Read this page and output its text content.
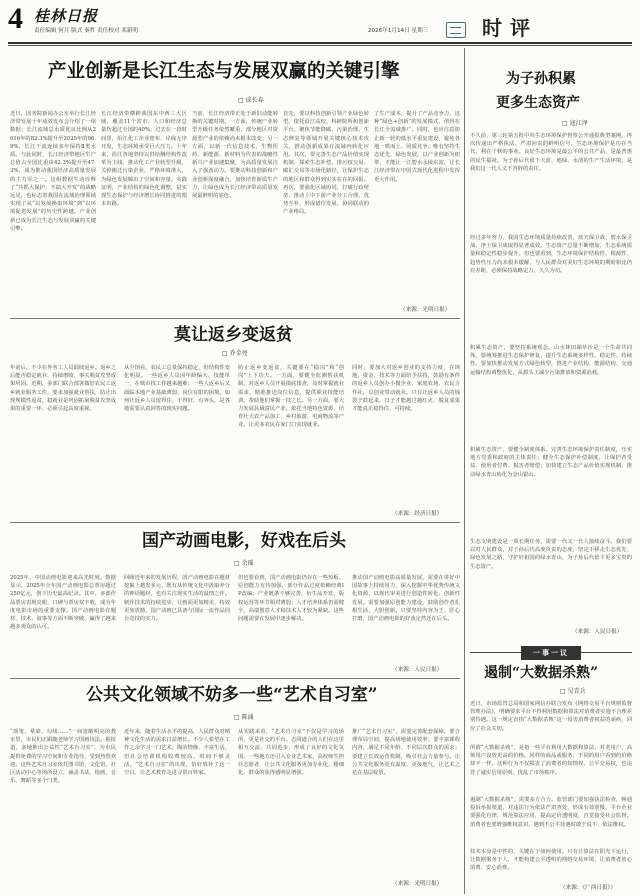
4 桂林日报
责任编辑 何月 版式 秦哲 责任校对 邓新明	2026年1月14日 星期三	时评
产业创新是长江生态与发展双赢的关键引擎
□ 成长春
近日，国务院新闻办公室举行长江经济带发展十年成效发布会介绍了一组数据：长江流域总水质优良比例从2016年的82.3%提升至2025年的96.9%，长江干流连续多年保持Ⅱ类水质。与此同时，长江经济带地区生产总值占全国比重由42.3%提升至47.3%，成为推动我国经济高质量发展的主力军之一。这组数据生动诠释了“共抓大保护、不搞大开发”的战略远见，也标志着我国在流域治理领域实现了从“以发展换取环境”到“以环境促进发展”的历史性跨越。产业创新已成为长江生态与发展双赢的关键引擎。
长江经济带横跨我国东中西三大区域，覆盖11个省市，人口和经济总量均超过全国的40%。过去在一段时间里，沿江化工企业密布、岸线无序开发，生态环境承受巨大压力。十年来，沿江各地坚持以供给侧结构性改革为主线，推动化工产业转型升级，关停搬迁污染企业，严格环境准入，为绿色发展腾出了空间和容量。实践证明，产业结构的绿色化调整，是实现生态保护与经济增长协同推进的根本出路。
当前，长江经济带正处于新旧动能转换的关键时期。一方面，传统产业转型升级任务依然繁重，部分地区对资源型产业的依赖尚未根本改变；另一方面，以新一代信息技术、生物医药、新能源、新材料为代表的战略性新兴产业加速集聚，为高质量发展注入了强劲动力。要推动科技创新和产业创新深度融合，加快培育新质生产力，让绿色成为长江经济带高质量发展最鲜明的底色。
首先，要以科技创新引领产业绿色转型。依托沿江高校、科研院所和创新平台，聚焦节能降碳、污染治理、生态修复等领域开展关键核心技术攻关，推动创新成果在流域内转化应用。其次，要完善生态产品价值实现机制，探索生态补偿、排污权交易、碳汇交易等市场化路径，让保护生态的地区和群众得到实实在在的回报。再次，要强化区域协同，打破行政壁垒，推动上中下游产业分工合理、优势互补，形成错位发展、协同联动的产业格局。
了生产成本，提升了产品竞争力，这种“绿色+创新”的发展模式，值得在长江全流域推广。同时，也应注意防止新一轮的低水平重复建设，避免各地一哄而上、同质竞争。唯有坚持生态优先、绿色发展，以产业创新为纽带，才能让一江碧水永续东流，让长江经济带在中国式现代化进程中发挥更大作用。
（来源：光明日报）
莫让返乡变返贫
□ 乔金亮
年前后，不少在外务工人员陆续返乡。返乡之后能否稳定就业、持续增收，事关脱贫攻坚成果巩固。近期，多部门联合部署做好农民工返乡就业服务工作，要求加强就业帮扶，防止出现规模性返贫。稳就业是巩固拓展脱贫攻坚成果的重要一环，必须引起高度重视。
从全国看，农民工总量保持稳定，但结构性变化明显。一些返乡人员因年龄偏大、技能单一，在城市找工作越来越难；一些人返乡后又面临本地产业基础薄弱、岗位有限的困境。如何让返乡人员留得住、干得好、有奔头，是各地需要认真回答的现实问题。
防止返乡变返贫，关键要在“稳岗”和“创岗”上下功夫。一方面，要健全监测帮扶机制，对返乡人员开展摸底排查，及时掌握就业需求，精准推送岗位信息，提供职业技能培训，帮助他们掌握一技之长。另一方面，要大力发展县域富民产业，依托当地特色资源，培育壮大农产品加工、乡村旅游、电商物流等产业，让更多农民在家门口实现就业。
同时，要加大对返乡创业的支持力度，在场地、资金、技术等方面给予扶持，鼓励有条件的返乡人员创办小微企业、家庭农场、农民合作社，以创业带动就业。只有让返乡人员的钱袋子鼓起来，日子才能越过越红火，脱贫成果才能真正稳得住、可持续。
（来源：经济日报）
国产动画电影，好戏在后头
□ 余瑶
2025年，中国动画电影迎来高光时刻。数据显示，2025年全年国产动画电影总票房超过250亿元，创下历史最高纪录。其中，多部作品票房表现亮眼，口碑与票房双丰收，成为年度电影市场的重要支撑。国产动画电影在题材、技术、叙事等方面不断突破，赢得了越来越多观众的认可。
回顾近年来的发展历程，国产动画电影在题材挖掘上越发多元，既有从传统文化中汲取养分的神话题材，也有关注现实生活的温情之作。制作技术的持续进步，让画面更加精美、特效更加震撼，国产动画已具备与国际一流作品同台竞技的实力。
但也要看到，国产动画电影仍存在一些短板。原创能力有待加强，部分作品过度依赖经典IP改编；产业链条不够完善，衍生品开发、版权运营等环节相对薄弱；人才培养体系仍需健全，高端创意人才和技术人才较为紧缺。这些问题需要在发展中逐步解决。
推动国产动画电影高质量发展，需要在讲好中国故事上持续用力，深入挖掘中华优秀传统文化资源，以现代审美进行创造性转化、创新性发展。需要加强原创能力建设，鼓励创作者扎根生活、大胆创新。只要坚持内容为王、匠心打磨，国产动画电影的好戏定然还在后头。
（来源：人民日报）
公共文化领域不妨多一些“艺术自习室”
□ 陈涌
“落笔、晕染、勾线……”一间宽敞明亮的教室里，市民们正跟随老师学习国画技法。据报道，多地推出公益性“艺术自习室”，为市民提供免费的学习空间和专业指导，受到热烈欢迎。这些艺术自习室依托图书馆、文化馆、社区活动中心等场所设立，涵盖书法、绘画、音乐、舞蹈等多个门类。
近年来，随着生活水平的提高，人民群众对精神文化生活的需求日益增长。不少人希望在工作之余学习一门艺术，陶冶情操、丰富生活，但社会培训机构收费较高、时间不够灵活。“艺术自习室”的出现，恰好填补了这一空白，让艺术教育走进寻常百姓家。
从实践来看，“艺术自习室”不仅是学习的场所，更是社交的平台。志同道合的人们在这里相互交流、共同进步，形成了良好的文化氛围。一些地方还引入专业艺术家、高校师生担任志愿者，让公共文化服务更加专业化、精细化，群众的获得感明显增强。
推广“艺术自习室”，需要完善配套保障。要合理布局空间，提高场地使用效率；要丰富课程内容，满足不同年龄、不同层次群众的需求；要建立长效运营机制，吸引社会力量参与。让公共文化服务更有温度、更接地气，让艺术之花在基层绽放。
（来源：光明日报）
为子孙积累
更多生态资产
□ 寇江泽
不久前，第三轮第五批中央生态环境保护督察公开通报典型案例，再次传递出严格执法、严肃问责的鲜明信号。生态环境保护是功在当代、利在千秋的事业。良好生态环境是最公平的公共产品，是最普惠的民生福祉。为子孙后代留下天蓝、地绿、水清的生产生活环境，是我们这一代人义不容辞的责任。
经过多年努力，我国生态环境质量持续改善，蓝天保卫战、碧水保卫战、净土保卫战取得显著成效。生态资产总量不断增加，生态系统质量和稳定性稳步提升。但也要看到，生态环境保护结构性、根源性、趋势性压力尚未根本缓解，与人民群众对美好生态环境的期盼相比仍有差距，必须保持战略定力，久久为功。
积累生态资产，要坚持系统观念。山水林田湖草沙是一个生命共同体，要统筹推进生态保护修复，提升生态系统多样性、稳定性、持续性。要加快推动发展方式绿色转型，推进产业结构、能源结构、交通运输结构调整优化，从源头上减少污染排放和资源消耗。
积累生态资产，要健全制度体系。完善生态环境保护责任制度，压实地方党委和政府的主体责任；健全生态保护补偿制度，让保护者受益、使用者付费、损害者赔偿；加快建立生态产品价值实现机制，推动绿水青山转化为金山银山。
生态文明建设是一项长期任务，需要一代又一代人接续奋斗。我们要以对人民群众、对子孙后代高度负责的态度，坚定不移走生态优先、绿色发展之路，守护好祖国的绿水青山，为子孙后代留下更多宝贵的生态资产。
（来源：人民日报）
一事一议
遏制“大数据杀熟”
□ 吴青兵
近日，市场监管总局和国家网信办联合发布《网络交易平台规则监督管理办法》，明确要求平台不得利用数据和算法对消费者实施不合理差别待遇。这一规定直指“大数据杀熟”这一侵害消费者权益的顽疾，回应了社会关切。
所谓“大数据杀熟”，是指一些平台利用大数据和算法，对老用户、高频用户设置更高的价格。同样的商品或服务，不同的用户看到的价格却不一样。这种行为不仅损害了消费者的知情权、公平交易权，也违背了诚实信用原则，扰乱了市场秩序。
遏制“大数据杀熟”，需要多方合力。监管部门要加强执法检查，畅通投诉举报渠道，对违法行为依法严肃查处，形成有效震慑。平台企业要强化自律，规范算法应用，提高定价透明度，自觉接受社会监督。消费者也要增强维权意识，遇到不公平待遇时敢于说不、依法维权。
技术本身是中性的，关键在于如何使用。只有让算法在阳光下运行，让数据服务于人，才能构建公平透明的网络交易环境，让消费者放心消费、安心消费。
（来源：《广西日报》）
